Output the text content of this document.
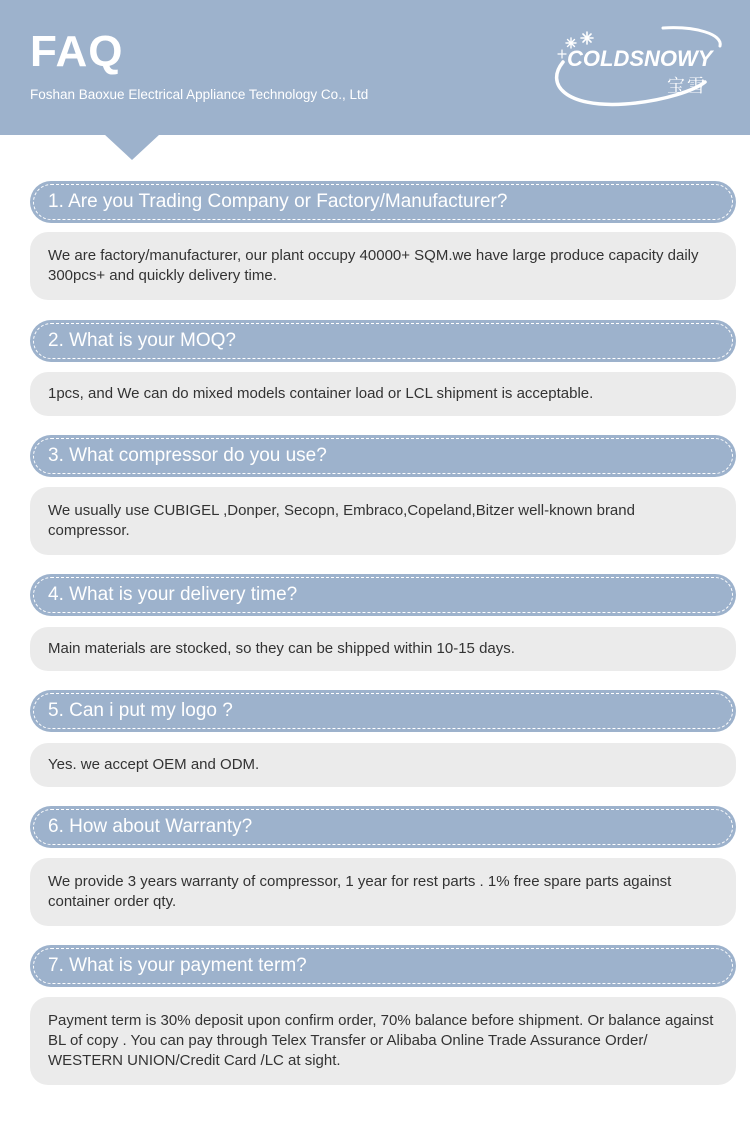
FAQ
Foshan Baoxue Electrical Appliance Technology Co., Ltd
COLDSNOWY
宝雪
1. Are you Trading Company or Factory/Manufacturer?

We are factory/manufacturer, our plant occupy 40000+ SQM.we have large produce capacity daily 300pcs+ and quickly delivery time.

2. What is your MOQ?

1pcs, and We can do mixed models container load or LCL shipment is acceptable.

3. What compressor do you use?

We usually use CUBIGEL ,Donper, Secopn, Embraco,Copeland,Bitzer well-known brand compressor.

4. What is your delivery time?

Main materials are stocked, so they can be shipped within 10-15 days.

5. Can i put my logo ?

Yes. we accept OEM and ODM.

6. How about Warranty?

We provide 3 years warranty of compressor, 1 year for rest parts . 1% free spare parts against container order qty.

7. What is your payment term?

Payment term is 30% deposit upon confirm order, 70% balance before shipment. Or balance against BL of copy . You can pay through Telex Transfer or Alibaba Online Trade Assurance Order/ WESTERN UNION/Credit Card /LC at sight.
